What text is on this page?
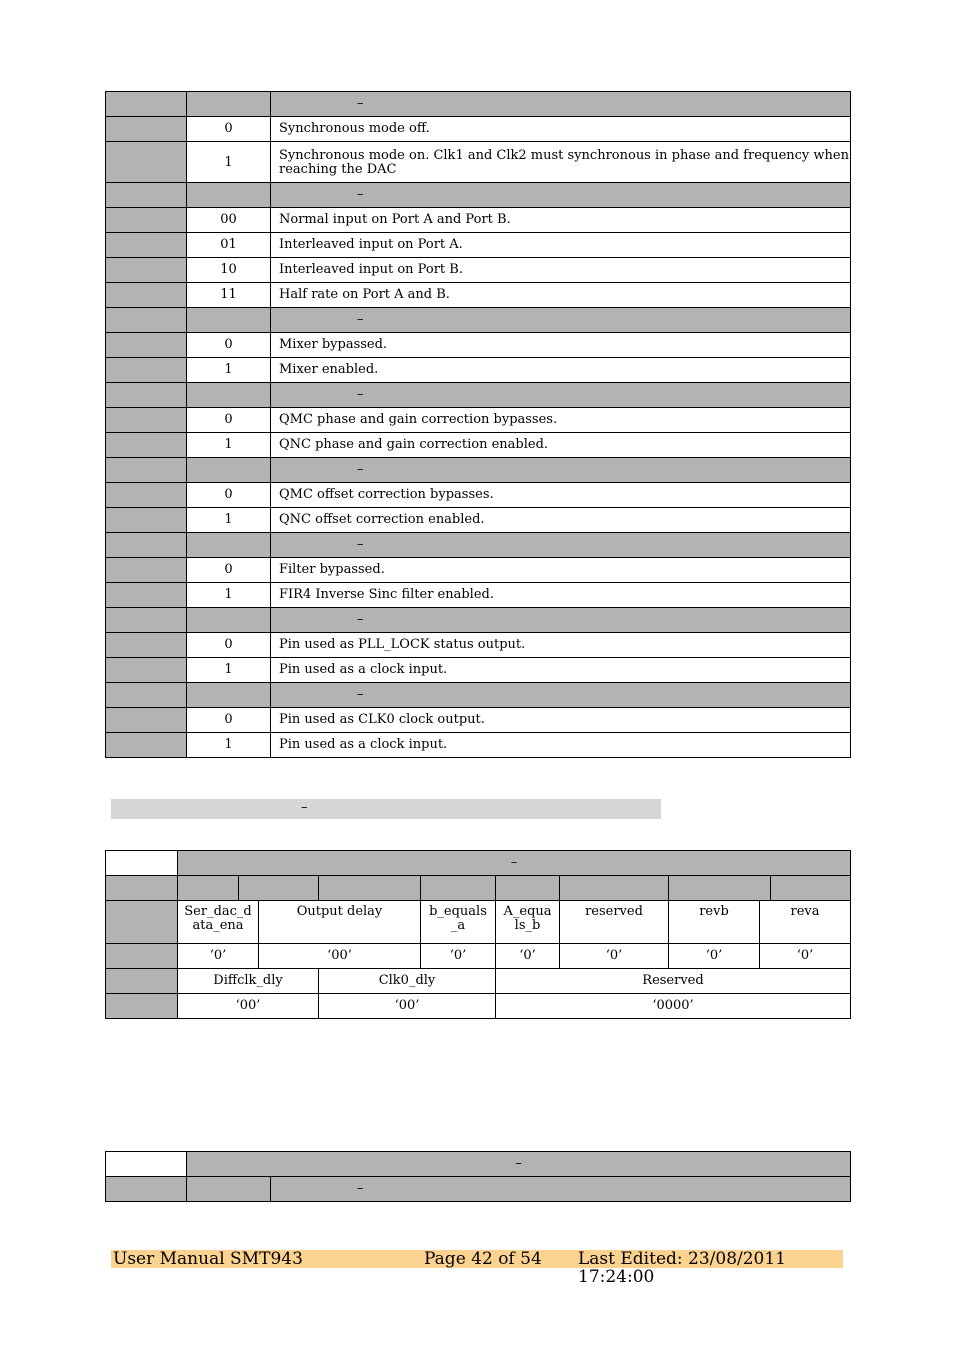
		–
	0	Synchronous mode off.
	1	Synchronous mode on. Clk1 and Clk2 must synchronous in phase and frequency when reaching the DAC
		–
	00	Normal input on Port A and Port B.
	01	Interleaved input on Port A.
	10	Interleaved input on Port B.
	11	Half rate on Port A and B.
		–
	0	Mixer bypassed.
	1	Mixer enabled.
		–
	0	QMC phase and gain correction bypasses.
	1	QNC phase and gain correction enabled.
		–
	0	QMC offset correction bypasses.
	1	QNC offset correction enabled.
		–
	0	Filter bypassed.
	1	FIR4 Inverse Sinc filter enabled.
		–
	0	Pin used as PLL_LOCK status output.
	1	Pin used as a clock input.
		–
	0	Pin used as CLK0 clock output.
	1	Pin used as a clock input.
–
	–									

	Ser_dac_d ata_ena		Output delay		b_equals _a	A_equa ls_b	reserved	revb	reva	
	‘0’		‘00’		‘0’	‘0’	‘0’	‘0’	‘0’	
	Diffclk_dly			Clk0_dly		Reserved				
	‘00’			‘00’		‘0000’				
	–	
		–
User Manual SMT943	Page 42 of 54 Last Edited: 23/08/2011 17:24:00
